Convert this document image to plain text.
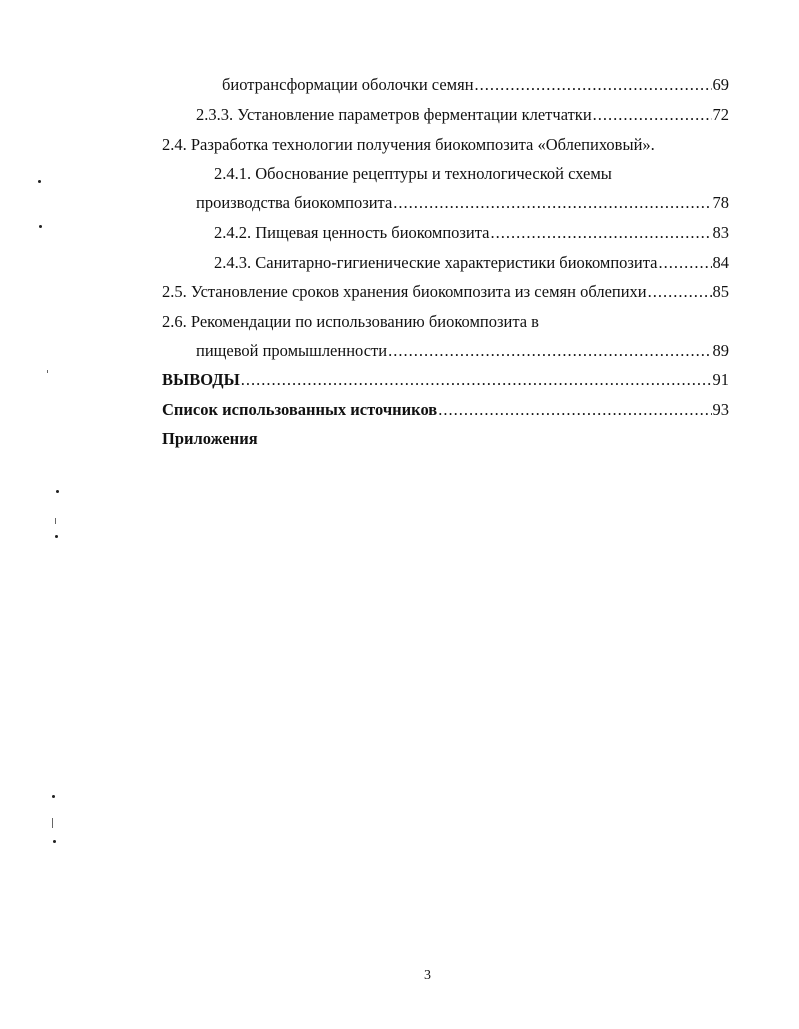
биотрансформации оболочки семян .....	69
2.3.3. Установление параметров ферментации клетчатки .....	72
2.4. Разработка технологии получения биокомпозита «Облепиховый».
2.4.1. Обоснование рецептуры и технологической схемы
производства биокомпозита .....	78
2.4.2. Пищевая ценность биокомпозита .....	83
2.4.3. Санитарно-гигиенические характеристики биокомпозита .....	84
2.5. Установление сроков хранения биокомпозита из семян облепихи .....	85
2.6. Рекомендации по использованию биокомпозита в
пищевой промышленности .....	89
ВЫВОДЫ .....	91
Список использованных источников .....	93
Приложения
3
